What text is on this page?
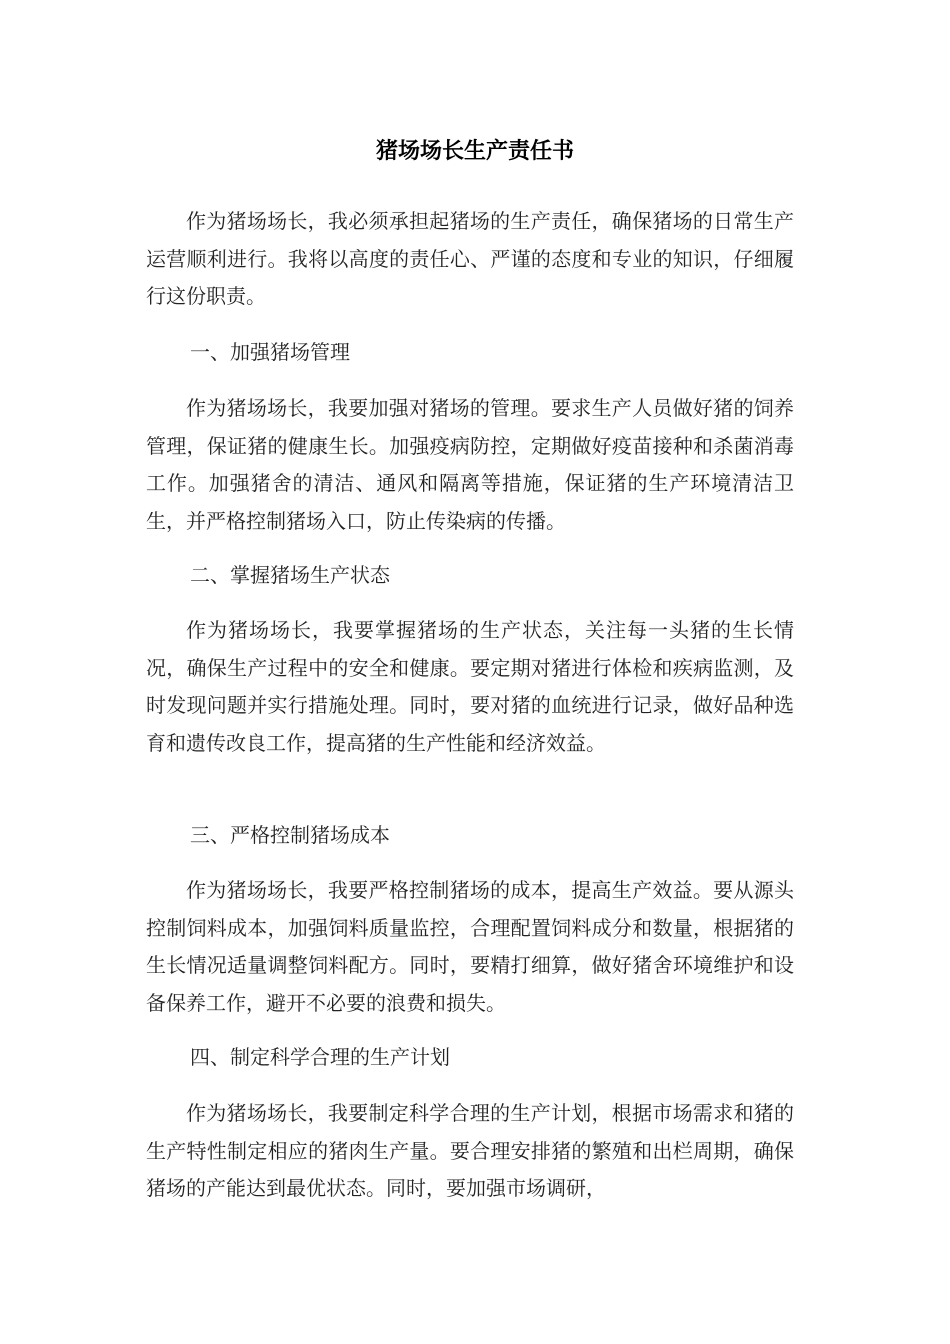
猪场场长生产责任书

作为猪场场长，我必须承担起猪场的生产责任，确保猪场的日常生产运营顺利进行。我将以高度的责任心、严谨的态度和专业的知识，仔细履行这份职责。

一、加强猪场管理

作为猪场场长，我要加强对猪场的管理。要求生产人员做好猪的饲养管理，保证猪的健康生长。加强疫病防控，定期做好疫苗接种和杀菌消毒工作。加强猪舍的清洁、通风和隔离等措施，保证猪的生产环境清洁卫生，并严格控制猪场入口，防止传染病的传播。

二、掌握猪场生产状态

作为猪场场长，我要掌握猪场的生产状态，关注每一头猪的生长情况，确保生产过程中的安全和健康。要定期对猪进行体检和疾病监测，及时发现问题并实行措施处理。同时，要对猪的血统进行记录，做好品种选育和遗传改良工作，提高猪的生产性能和经济效益。

三、严格控制猪场成本

作为猪场场长，我要严格控制猪场的成本，提高生产效益。要从源头控制饲料成本，加强饲料质量监控，合理配置饲料成分和数量，根据猪的生长情况适量调整饲料配方。同时，要精打细算，做好猪舍环境维护和设备保养工作，避开不必要的浪费和损失。

四、制定科学合理的生产计划

作为猪场场长，我要制定科学合理的生产计划，根据市场需求和猪的生产特性制定相应的猪肉生产量。要合理安排猪的繁殖和出栏周期，确保猪场的产能达到最优状态。同时，要加强市场调研，
